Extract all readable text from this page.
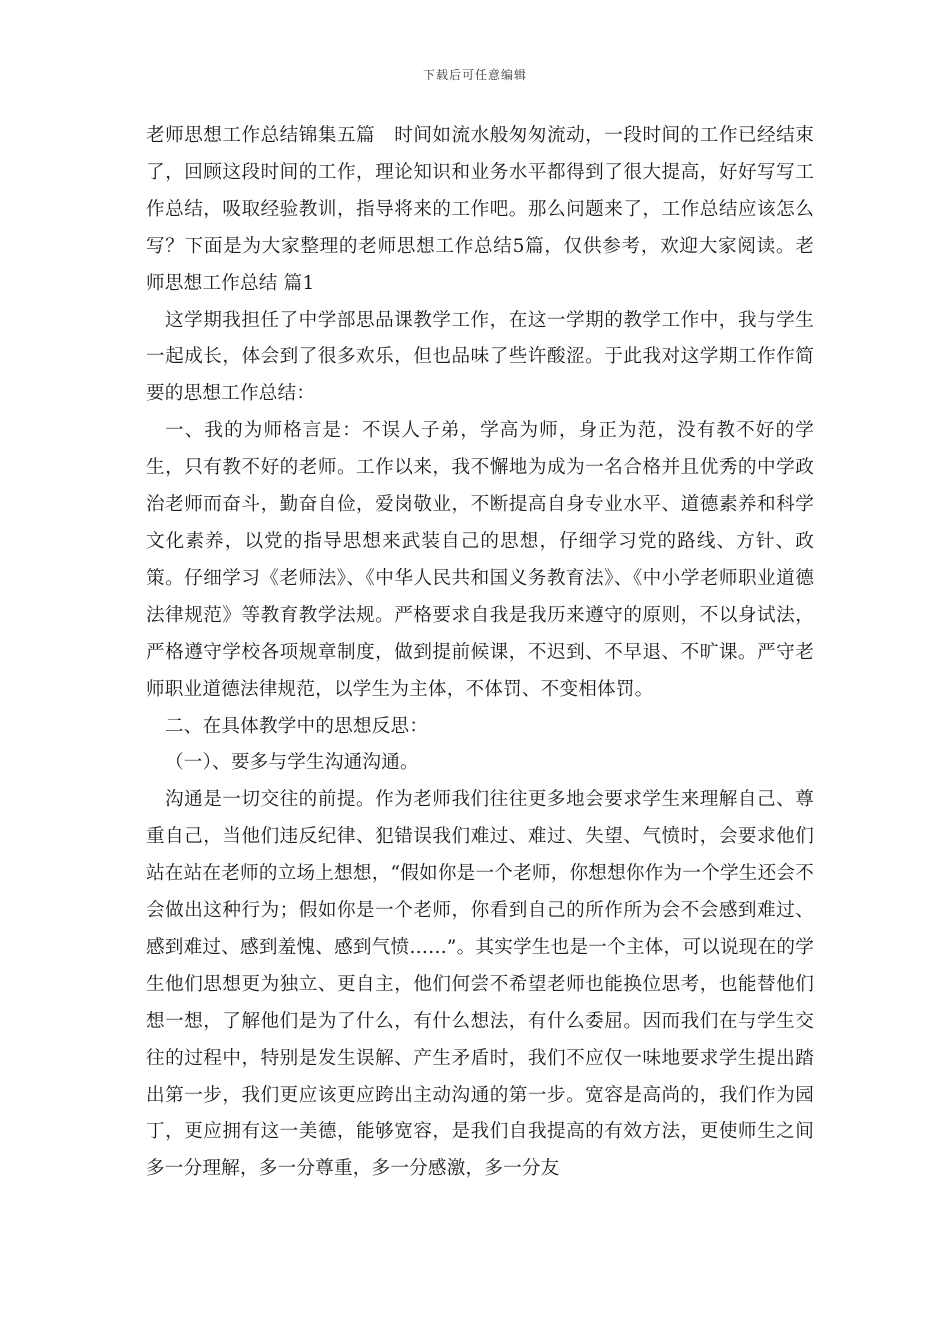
下载后可任意编辑

老师思想工作总结锦集五篇　时间如流水般匆匆流动，一段时间的工作已经结束了，回顾这段时间的工作，理论知识和业务水平都得到了很大提高，好好写写工作总结，吸取经验教训，指导将来的工作吧。那么问题来了，工作总结应该怎么写？下面是为大家整理的老师思想工作总结5篇，仅供参考，欢迎大家阅读。老师思想工作总结 篇1

这学期我担任了中学部思品课教学工作，在这一学期的教学工作中，我与学生一起成长，体会到了很多欢乐，但也品味了些许酸涩。于此我对这学期工作作简要的思想工作总结：

一、我的为师格言是：不误人子弟，学高为师，身正为范，没有教不好的学生，只有教不好的老师。工作以来，我不懈地为成为一名合格并且优秀的中学政治老师而奋斗，勤奋自俭，爱岗敬业，不断提高自身专业水平、道德素养和科学文化素养，以党的指导思想来武装自己的思想，仔细学习党的路线、方针、政策。仔细学习《老师法》、《中华人民共和国义务教育法》、《中小学老师职业道德法律规范》等教育教学法规。严格要求自我是我历来遵守的原则，不以身试法，严格遵守学校各项规章制度，做到提前候课，不迟到、不早退、不旷课。严守老师职业道德法律规范，以学生为主体，不体罚、不变相体罚。

二、在具体教学中的思想反思：

（一）、要多与学生沟通沟通。

沟通是一切交往的前提。作为老师我们往往更多地会要求学生来理解自己、尊重自己，当他们违反纪律、犯错误我们难过、难过、失望、气愤时，会要求他们站在站在老师的立场上想想，“假如你是一个老师，你想想你作为一个学生还会不会做出这种行为；假如你是一个老师，你看到自己的所作所为会不会感到难过、感到难过、感到羞愧、感到气愤……”。其实学生也是一个主体，可以说现在的学生他们思想更为独立、更自主，他们何尝不希望老师也能换位思考，也能替他们想一想，了解他们是为了什么，有什么想法，有什么委屈。因而我们在与学生交往的过程中，特别是发生误解、产生矛盾时，我们不应仅一味地要求学生提出踏出第一步，我们更应该更应跨出主动沟通的第一步。宽容是高尚的，我们作为园丁，更应拥有这一美德，能够宽容，是我们自我提高的有效方法，更使师生之间多一分理解，多一分尊重，多一分感激，多一分友
